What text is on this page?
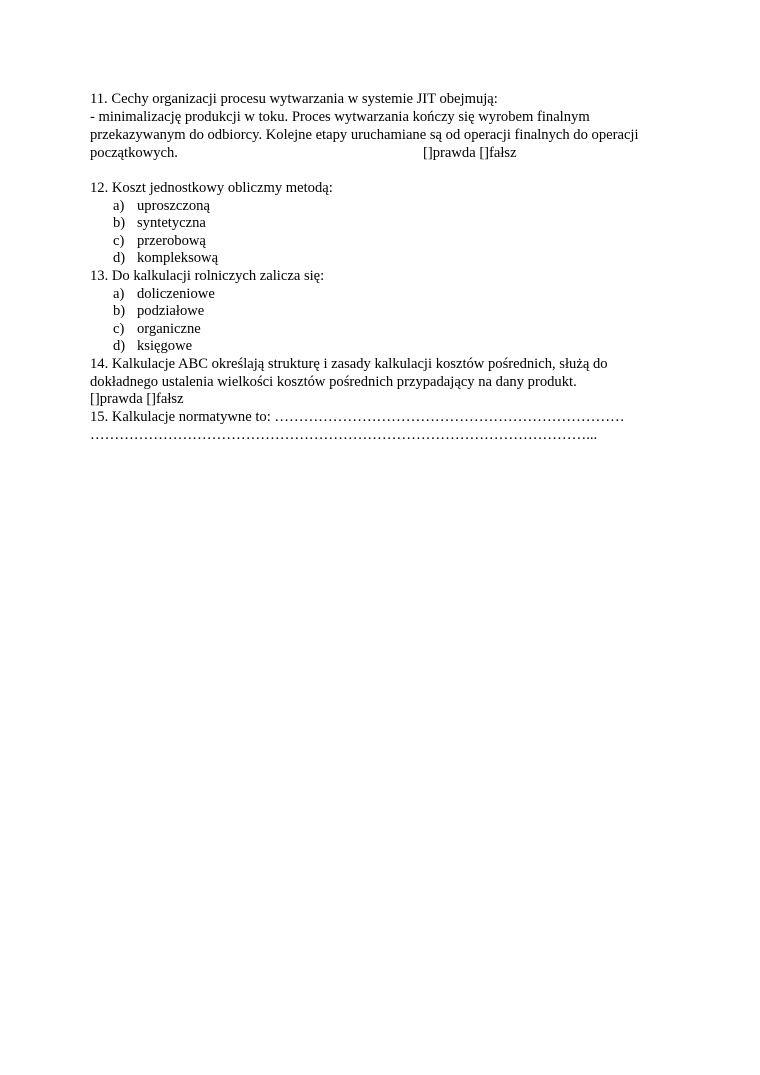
11. Cechy organizacji procesu wytwarzania w systemie JIT obejmują:
- minimalizację produkcji w toku. Proces wytwarzania kończy się wyrobem finalnym
przekazywanym do odbiorcy. Kolejne etapy uruchamiane są od operacji finalnych do operacji
początkowych.	[]prawda []fałsz
12. Koszt jednostkowy obliczmy metodą:
a) uproszczoną
b) syntetyczna
c) przerobową
d) kompleksową
13. Do kalkulacji rolniczych zalicza się:
a) doliczeniowe
b) podziałowe
c) organiczne
d) księgowe
14. Kalkulacje ABC określają strukturę i zasady kalkulacji kosztów pośrednich, służą do
dokładnego ustalenia wielkości kosztów pośrednich przypadający na dany produkt.
[]prawda []fałsz
15. Kalkulacje normatywne to: ………………………………………………………………
…………………………………………………………………………………………...
